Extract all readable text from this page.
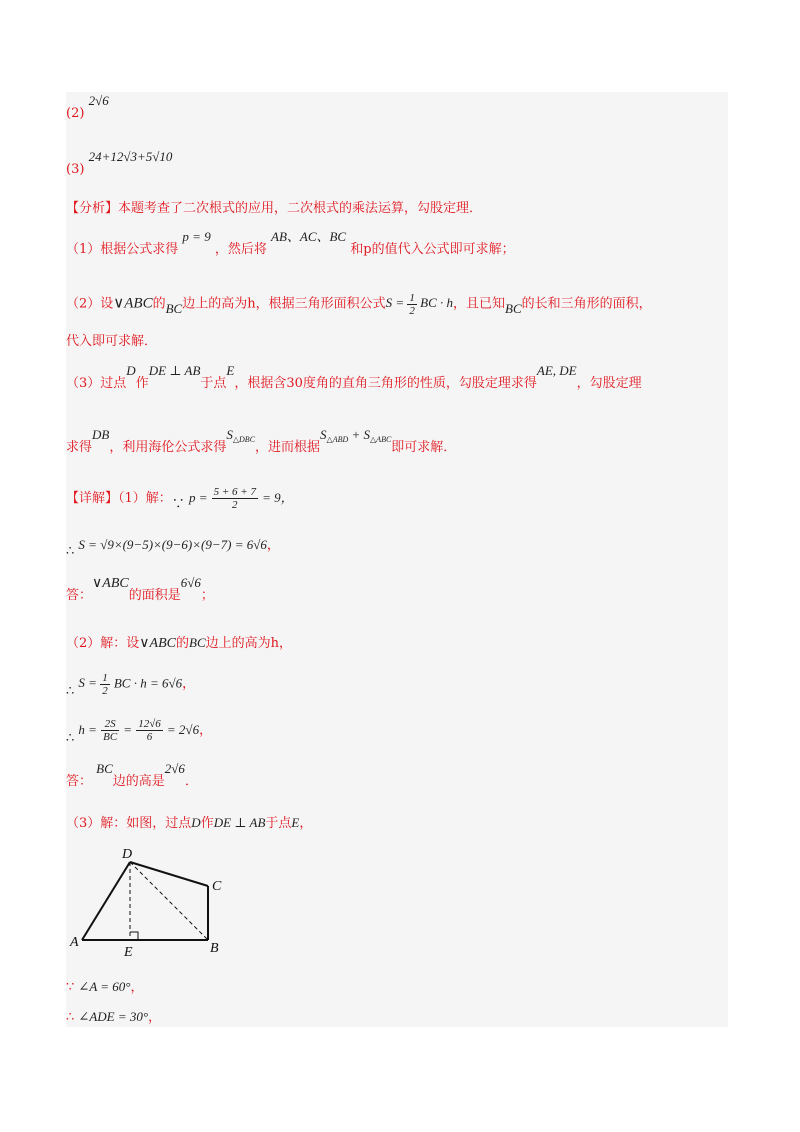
(2) 2√6
(3) 24+12√3+5√10
【分析】本题考查了二次根式的应用，二次根式的乘法运算，勾股定理．
（1）根据公式求得 p = 9 ，然后将 AB、AC、BC 和p的值代入公式即可求解；
（2）设∨ABC的BC边上的高为h，根据三角形面积公式$S = \frac{1}{2}$ BC · h，且已知BC的长和三角形的面积，
代入即可求解．
（3）过点D作DE ⊥ AB于点E，根据含30度角的直角三角形的性质，勾股定理求得AE, DE，勾股定理
求得DB，利用海伦公式求得$S_{\triangle DBC}$，进而根据$S_{\triangle ABD} + S_{\triangle ABC}$即可求解．
【详解】（1）解：∵ $p = \frac{5 + 6 + 7}{2} = 9$，
∴ S = √9×(9−5)×(9−6)×(9−7) = 6√6，
答：∨ABC的面积是6√6；
（2）解：设∨ABC的BC边上的高为h，
∴ $S = \frac{1}{2}$ BC · h = 6√6，
∴ $h = \frac{2S}{BC} = \frac{12√6}{6} = 2√6$，
答： BC边的高是2√6．
（3）解：如图，过点D作DE ⊥ AB于点E，
D
C
A
E	B
∵ ∠A = 60°，
∴ ∠ADE = 30°，
